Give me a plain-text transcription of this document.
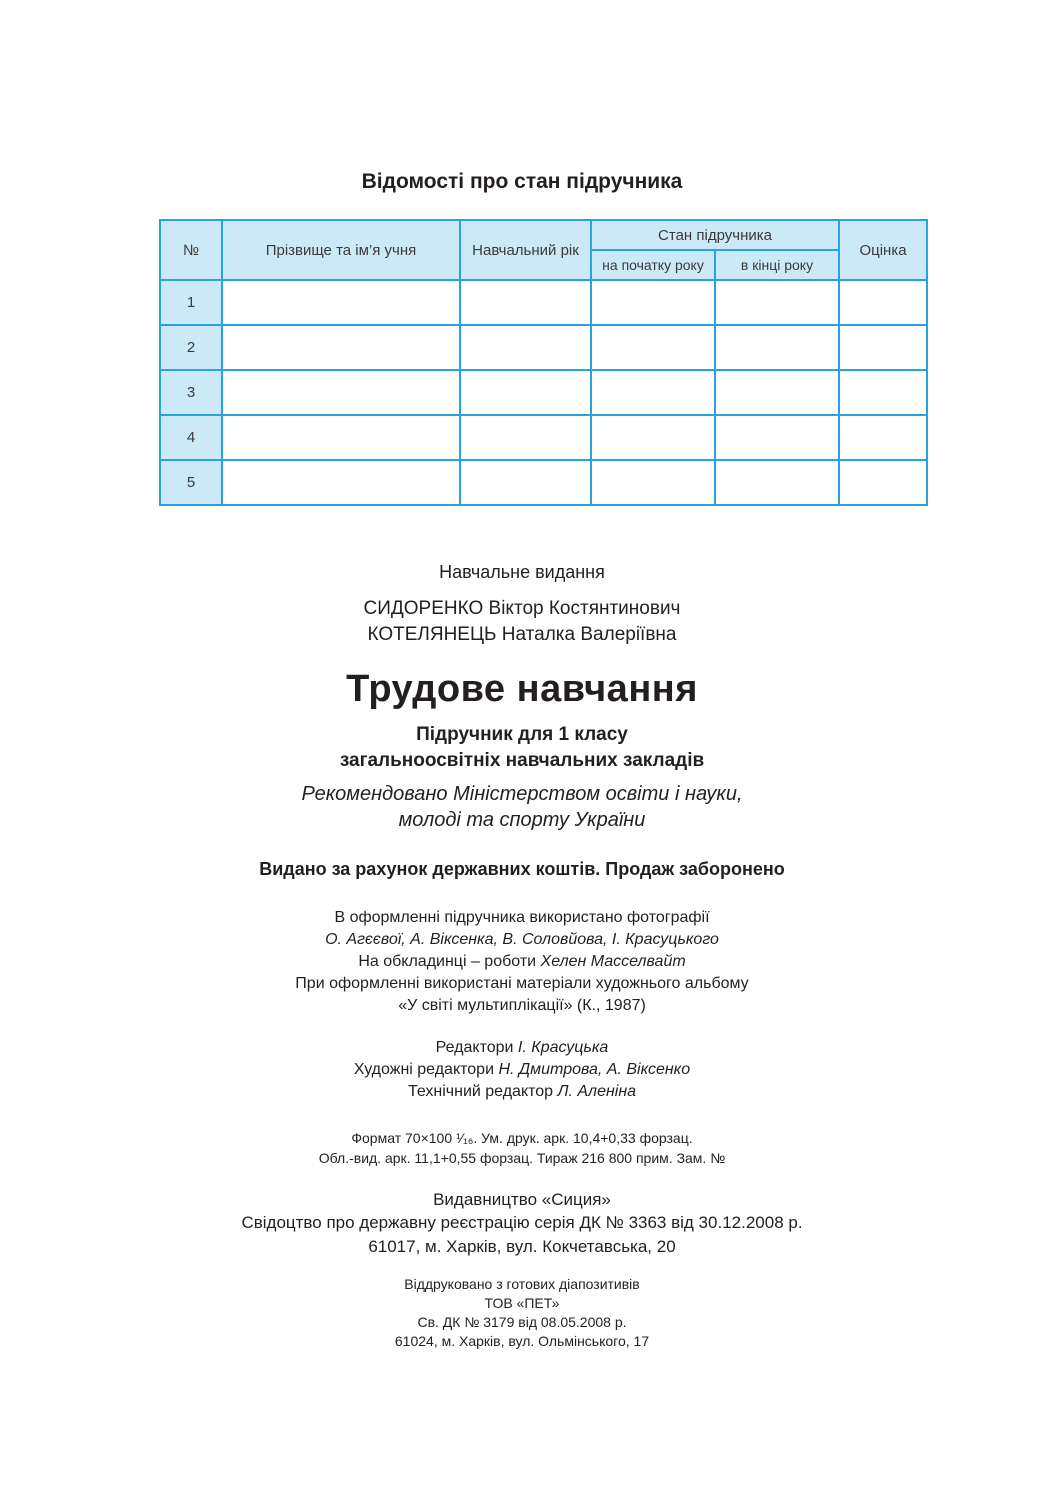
Відомості про стан підручника
№	Прізвище та ім’я учня	Навчальний рік	Стан підручника		Оцінка
			на початку року	в кінці року	
1					
2					
3					
4					
5					
Навчальне видання
СИДОРЕНКО Віктор Костянтинович
КОТЕЛЯНЕЦЬ Наталка Валеріївна
Трудове навчання
Підручник для 1 класу
загальноосвітніх навчальних закладів
Рекомендовано Міністерством освіти і науки,
молоді та спорту України
Видано за рахунок державних коштів. Продаж заборонено
В оформленні підручника використано фотографії
О. Агєєвої, А. Віксенка, В. Соловйова, І. Красуцького
На обкладинці – роботи Хелен Масселвайт
При оформленні використані матеріали художнього альбому
«У світі мультиплікації» (К., 1987)
Редактори І. Красуцька
Художні редактори Н. Дмитрова, А. Віксенко
Технічний редактор Л. Аленіна
Формат 70×100 ¹⁄₁₆. Ум. друк. арк. 10,4+0,33 форзац.
Обл.-вид. арк. 11,1+0,55 форзац. Тираж 216 800 прим. Зам. №
Видавництво «Сиция»
Свідоцтво про державну реєстрацію серія ДК № 3363 від 30.12.2008 р.
61017, м. Харків, вул. Кокчетавська, 20
Віддруковано з готових діапозитивів
ТОВ «ПЕТ»
Св. ДК № 3179 від 08.05.2008 р.
61024, м. Харків, вул. Ольмінського, 17
